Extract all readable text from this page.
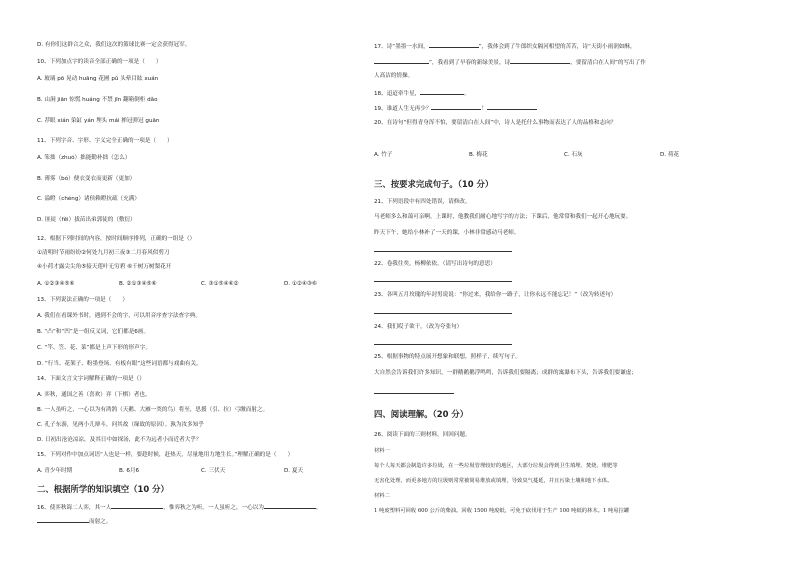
D. 有你们这群合之众，我们这次的篮球比赛一定会获得冠军。
10、下列加点字的读音全部正确的一项是（　　）
A. 玻璃 pō 晃动 huāng 花圃 pǔ 头晕目眩 xuán
B. 山涧 jiān 惊慌 huáng 不禁 jīn 翻箱倒柜 dǎo
C. 荐眼 xián 染缸 yán 埋头 mái 掸冠弹冠 guān
11、下列字音、字形、字义完全正确的一项是（　　）
A. 笨拙（zhuó）拙能勤补拙（怎么）
B. 薄雾（bó）便衣变衣而更新（更加）
C. 溢瞪（chéng）诸侯赖瞪抗疏（充满）
D. 匪徒（fěi）拔苗出弟郭徒的（敷衍）
12、根据下列时间的内容，按时间顺序排列，正确的一组是（）
①清明时节雨纷纷②何处九月初三夜③二月春风似剪刀
④小荷才露尖尖角⑤接天莲叶无穷碧 ⑥千树万树梨花开
A. ①②③④⑤⑥	B. ②①③④⑤⑥	C. ③①⑤④⑥②	D. ①②④③⑥
13、下列说法正确的一项是（　　）
A. 我们在看课外书时，遇到不会的字，可以用音序查字法查字典。
B. “凸”和“凹”是一组反义词，它们都是6画。
C. “竿、笠、花、菜”都是上声下形的形声字。
D. “行当、花架子、粉墨登场、有板有眼”这些词语都与戏曲有关。
14、下面文言文字词解释正确的一项是（）
A. 弈秋，通国之善（喜欢）弈（下棋）者也。
B. 一人虽听之，一心以为有鸿鹄（天鹅、大雁一类的鸟）将至，思援（引、拉）弓缴而射之。
C. 孔子东游，见两小儿辩斗，问其故（缘故的原因）。孰为汝多知乎
D. 日初出沧沧凉凉，及其日中如探汤，此不为远者小而近者大乎？
15、下列对作中加点词语“人也是一样，要趁时候，赶热天，尽量地用力地生长。”理解正确的是（　　）
A. 青少年时期	B. 6月6	C. 三伏天	D. 夏天
二、根据所学的知识填空（10 分）
16、使弈秋诲二人弈，其一人	，惟弈秋之为听。一人虽听之，一心以为	，
而射之。
17、诗“墨墨一水间，	”，我体会到了牛郎织女隔河相望的苦苦，诗“天街小雨润如酥，
”，我看到了早春的新绿美景，诗	，要留清白在人间”的写出了作
人高洁的情操。
18、迢迢牵牛星，	。
19、谁道人生无再少？	！
20、在诗句“但得青身浑不怕，要留清白在人间”中，诗人是托什么事物而表达了人的品格和志向？
A. 竹子	B. 梅花	C. 石灰	D. 荷花
三、按要求完成句子。（10 分）
21、下列语段中有四处错误，请修改。
马老师多么和蔼可亲啊。上课时，他教我们耐心地写字的方法；下课后，他常常和我们一起开心地玩耍。
昨天下午，她给小林补了一天的课，小林非常感动马老师。
22、卷我往矣，杨柳依依。（请写出诗句的意思）
23、各叫五月玫瑰的年封男说说：“你过来，我给你一路子，让你永远不能忘记！”（改为转述句）
24、我们哎子欲干。（改为夸张句）
25、根据事物的特点展开想象和联想，照样子，续写句子。
大自然会告诉我们许多知识，一群鹅鹅鹅浮鸣鸣，告诉我们要隔离；成群的寓瀑布下头，告诉我们要谦虚；
四、阅读理解。（20 分）
26、阅读下面的三则材料，回回问题。
材料一
每个人每天都会制造许多垃圾，在一些垃圾管理较好的地区，大部分垃圾会得到卫生填埋、焚烧、堆肥等
无害化处理，而更多地方的垃圾则常常被简易堆放或填埋，导致臭气蔓延，并且污染土壤和地下水体。
材料二
1 吨废塑料可回收 600 公斤的柴油。回收 1500 吨废纸，可免于砍伐用于生产 100 吨纸的林木。1 吨易拉罐
